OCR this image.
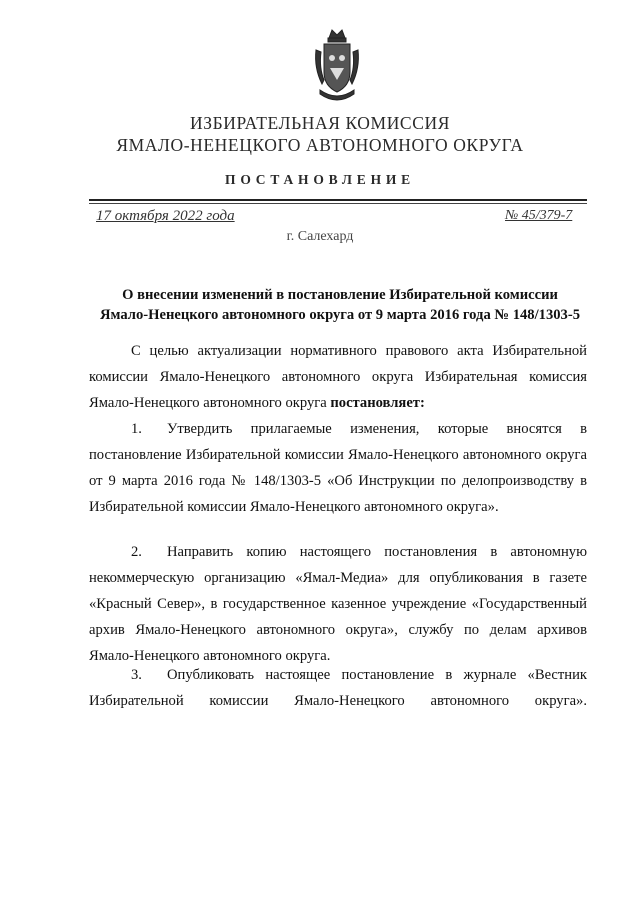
ИЗБИРАТЕЛЬНАЯ КОМИССИЯ
ЯМАЛО-НЕНЕЦКОГО АВТОНОМНОГО ОКРУГА
ПОСТАНОВЛЕНИЕ
17 октября 2022 года	№ 45/379-7
г. Салехард
О внесении изменений в постановление Избирательной комиссии
Ямало-Ненецкого автономного округа от 9 марта 2016 года № 148/1303-5
С целью актуализации нормативного правового акта Избирательной комиссии Ямало-Ненецкого автономного округа Избирательная комиссия Ямало-Ненецкого автономного округа постановляет:
1. Утвердить прилагаемые изменения, которые вносятся в постановление Избирательной комиссии Ямало-Ненецкого автономного округа от 9 марта 2016 года № 148/1303-5 «Об Инструкции по делопроизводству в Избирательной комиссии Ямало-Ненецкого автономного округа».
2. Направить копию настоящего постановления в автономную некоммерческую организацию «Ямал-Медиа» для опубликования в газете «Красный Север», в государственное казенное учреждение «Государственный архив Ямало-Ненецкого автономного округа», службу по делам архивов Ямало-Ненецкого автономного округа.
3. Опубликовать настоящее постановление в журнале «Вестник Избирательной комиссии Ямало-Ненецкого автономного округа».
